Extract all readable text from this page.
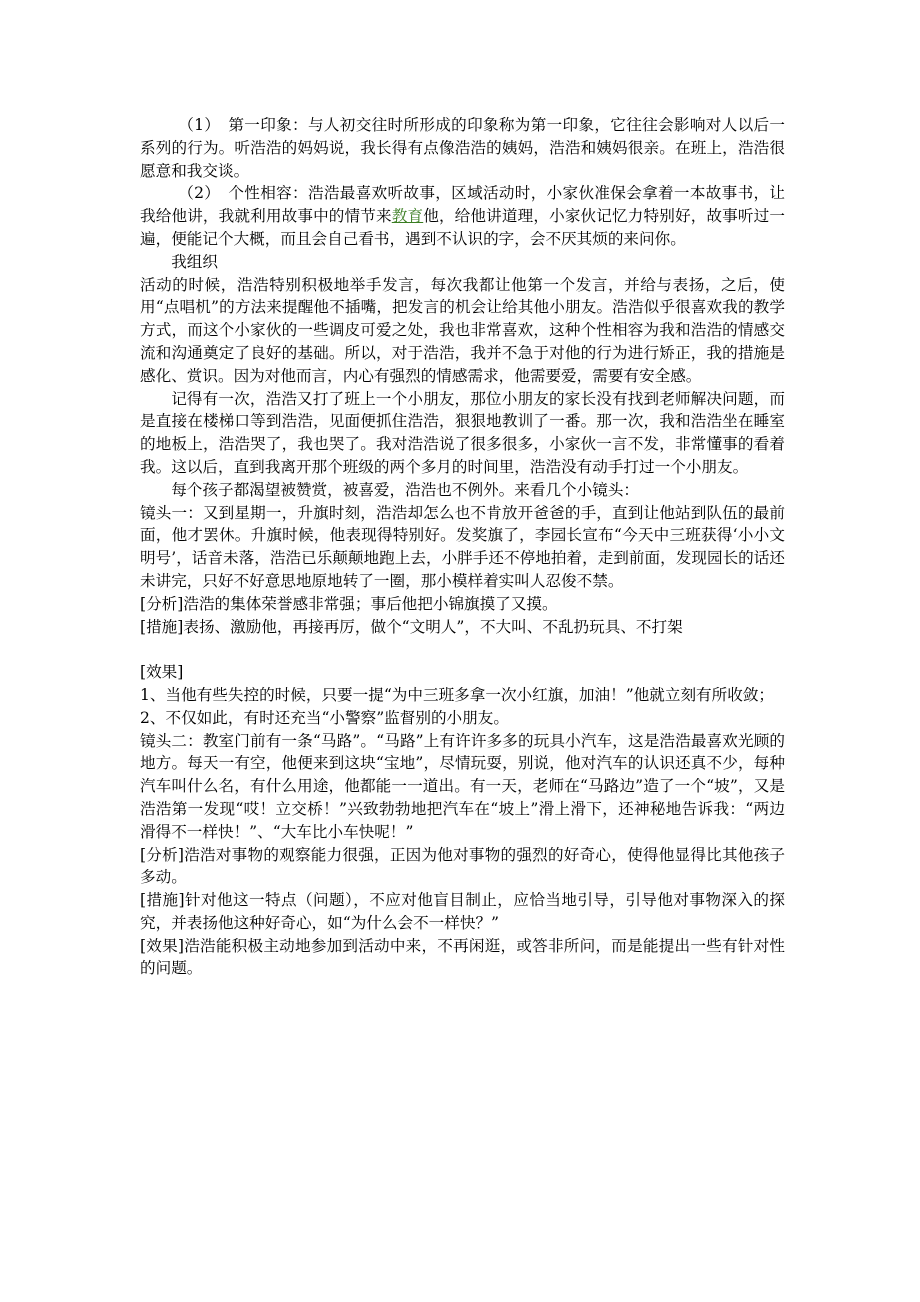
（1）　第一印象：与人初交往时所形成的印象称为第一印象，它往往会影响对人以后一系列的行为。听浩浩的妈妈说，我长得有点像浩浩的姨妈，浩浩和姨妈很亲。在班上，浩浩很愿意和我交谈。

（2）　个性相容：浩浩最喜欢听故事，区域活动时，小家伙准保会拿着一本故事书，让我给他讲，我就利用故事中的情节来教育他，给他讲道理，小家伙记忆力特别好，故事听过一遍，便能记个大概，而且会自己看书，遇到不认识的字，会不厌其烦的来问你。

我组织

活动的时候，浩浩特别积极地举手发言，每次我都让他第一个发言，并给与表扬，之后，使用“点唱机”的方法来提醒他不插嘴，把发言的机会让给其他小朋友。浩浩似乎很喜欢我的教学方式，而这个小家伙的一些调皮可爱之处，我也非常喜欢，这种个性相容为我和浩浩的情感交流和沟通奠定了良好的基础。所以，对于浩浩，我并不急于对他的行为进行矫正，我的措施是感化、赏识。因为对他而言，内心有强烈的情感需求，他需要爱，需要有安全感。

记得有一次，浩浩又打了班上一个小朋友，那位小朋友的家长没有找到老师解决问题，而是直接在楼梯口等到浩浩，见面便抓住浩浩，狠狠地教训了一番。那一次，我和浩浩坐在睡室的地板上，浩浩哭了，我也哭了。我对浩浩说了很多很多，小家伙一言不发，非常懂事的看着我。这以后，直到我离开那个班级的两个多月的时间里，浩浩没有动手打过一个小朋友。

每个孩子都渴望被赞赏，被喜爱，浩浩也不例外。来看几个小镜头：

镜头一：又到星期一，升旗时刻，浩浩却怎么也不肯放开爸爸的手，直到让他站到队伍的最前面，他才罢休。升旗时候，他表现得特别好。发奖旗了，李园长宣布“今天中三班获得‘小小文明号’，话音未落，浩浩已乐颠颠地跑上去，小胖手还不停地拍着，走到前面，发现园长的话还未讲完，只好不好意思地原地转了一圈，那小模样着实叫人忍俊不禁。

[分析]浩浩的集体荣誉感非常强；事后他把小锦旗摸了又摸。

[措施]表扬、激励他，再接再厉，做个“文明人”，不大叫、不乱扔玩具、不打架

[效果]

1、当他有些失控的时候，只要一提“为中三班多拿一次小红旗，加油！”他就立刻有所收敛；

2、不仅如此，有时还充当“小警察”监督别的小朋友。

镜头二：教室门前有一条“马路”。“马路”上有许许多多的玩具小汽车，这是浩浩最喜欢光顾的地方。每天一有空，他便来到这块“宝地”，尽情玩耍，别说，他对汽车的认识还真不少，每种汽车叫什么名，有什么用途，他都能一一道出。有一天，老师在“马路边”造了一个“坡”，又是浩浩第一发现“哎！立交桥！”兴致勃勃地把汽车在“坡上”滑上滑下，还神秘地告诉我：“两边滑得不一样快！”、“大车比小车快呢！”

[分析]浩浩对事物的观察能力很强，正因为他对事物的强烈的好奇心，使得他显得比其他孩子多动。

[措施]针对他这一特点（问题），不应对他盲目制止，应恰当地引导，引导他对事物深入的探究，并表扬他这种好奇心，如“为什么会不一样快？”

[效果]浩浩能积极主动地参加到活动中来，不再闲逛，或答非所问，而是能提出一些有针对性的问题。
